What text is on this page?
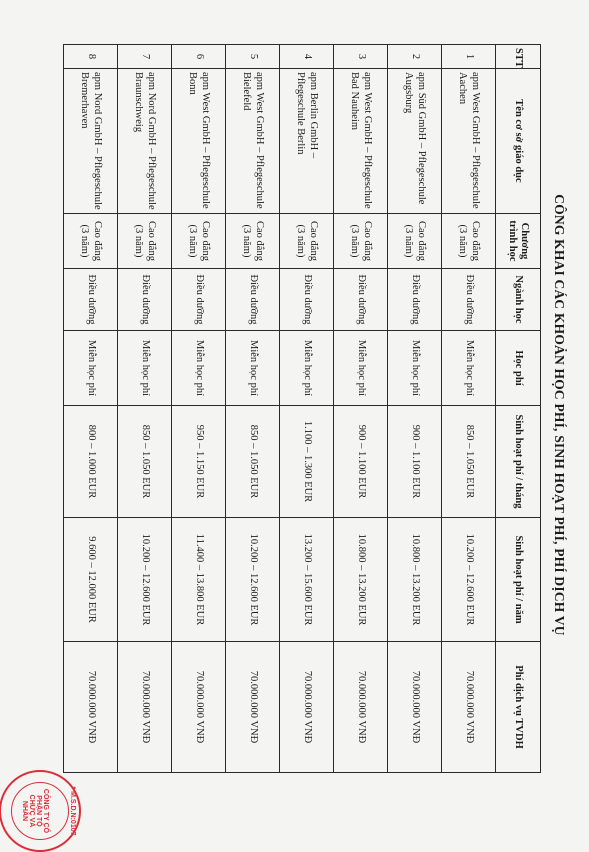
CÔNG KHAI CÁC KHOẢN HỌC PHÍ, SINH HOẠT PHÍ, PHÍ DỊCH VỤ
STT	Tên cơ sở giáo dục	Chương trình học	Ngành học	Học phí	Sinh hoạt phí / tháng	Sinh hoạt phí / năm	Phí dịch vụ TVDH
1	apm West GmbH – Pflegeschule Aachen	Cao đẳng (3 năm)	Điều dưỡng	Miễn học phí	850 – 1.050 EUR	10.200 – 12.600 EUR	70.000.000 VNĐ
2	apm Süd GmbH – Pflegeschule Augsburg	Cao đẳng (3 năm)	Điều dưỡng	Miễn học phí	900 – 1.100 EUR	10.800 – 13.200 EUR	70.000.000 VNĐ
3	apm West GmbH – Pflegeschule Bad Nauheim	Cao đẳng (3 năm)	Điều dưỡng	Miễn học phí	900 – 1.100 EUR	10.800 – 13.200 EUR	70.000.000 VNĐ
4	apm Berlin GmbH – Pflegeschule Berlin	Cao đẳng (3 năm)	Điều dưỡng	Miễn học phí	1.100 – 1.300 EUR	13.200 – 15.600 EUR	70.000.000 VNĐ
5	apm West GmbH – Pflegeschule Bielefeld	Cao đẳng (3 năm)	Điều dưỡng	Miễn học phí	850 – 1.050 EUR	10.200 – 12.600 EUR	70.000.000 VNĐ
6	apm West GmbH – Pflegeschule Bonn	Cao đẳng (3 năm)	Điều dưỡng	Miễn học phí	950 – 1.150 EUR	11.400 – 13.800 EUR	70.000.000 VNĐ
7	apm Nord GmbH – Pflegeschule Braunschweig	Cao đẳng (3 năm)	Điều dưỡng	Miễn học phí	850 – 1.050 EUR	10.200 – 12.600 EUR	70.000.000 VNĐ
8	apm Nord GmbH – Pflegeschule Bremerhaven	Cao đẳng (3 năm)	Điều dưỡng	Miễn học phí	800 – 1.000 EUR	9.600 – 12.000 EUR	70.000.000 VNĐ
* M.S.D.N:0107
CÔNG TY CỔ PHẦN TỔ CHỨC VÀ NHÂN
